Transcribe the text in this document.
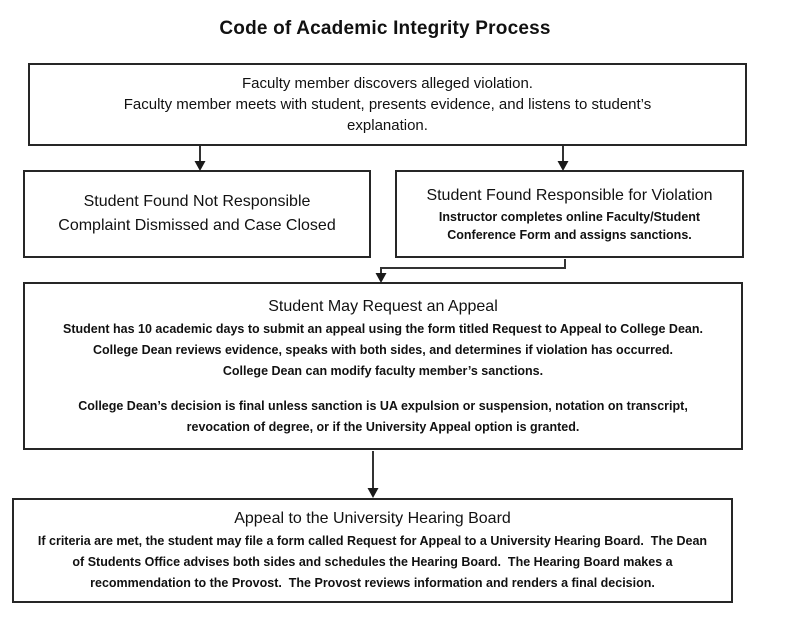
Code of Academic Integrity Process
Faculty member discovers alleged violation.
Faculty member meets with student, presents evidence, and listens to student’s
explanation.
Student Found Not Responsible
Complaint Dismissed and Case Closed
Student Found Responsible for Violation
Instructor completes online Faculty/Student
Conference Form and assigns sanctions.
Student May Request an Appeal
Student has 10 academic days to submit an appeal using the form titled Request to Appeal to College Dean.
College Dean reviews evidence, speaks with both sides, and determines if violation has occurred.
College Dean can modify faculty member’s sanctions.
College Dean’s decision is final unless sanction is UA expulsion or suspension, notation on transcript,
revocation of degree, or if the University Appeal option is granted.
Appeal to the University Hearing Board
If criteria are met, the student may file a form called Request for Appeal to a University Hearing Board.  The Dean
of Students Office advises both sides and schedules the Hearing Board.  The Hearing Board makes a
recommendation to the Provost.  The Provost reviews information and renders a final decision.
